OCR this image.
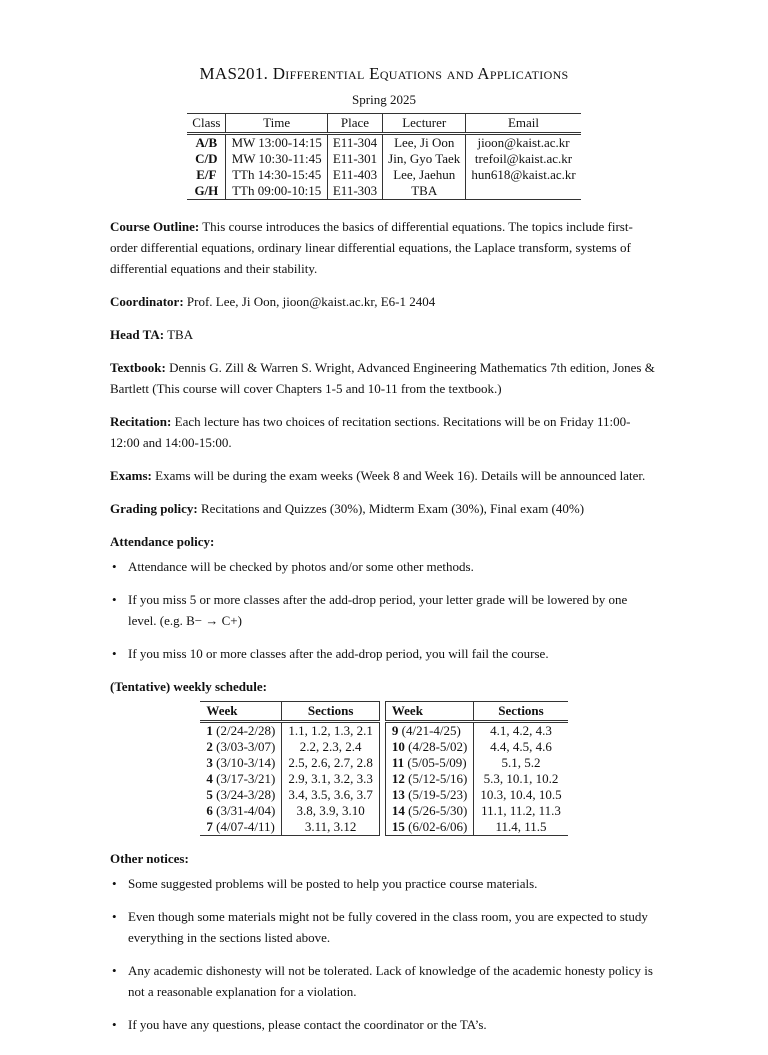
MAS201. Differential Equations and Applications
Spring 2025
Class	Time	Place	Lecturer	Email
A/B	MW 13:00-14:15	E11-304	Lee, Ji Oon	jioon@kaist.ac.kr
C/D	MW 10:30-11:45	E11-301	Jin, Gyo Taek	trefoil@kaist.ac.kr
E/F	TTh 14:30-15:45	E11-403	Lee, Jaehun	hun618@kaist.ac.kr
G/H	TTh 09:00-10:15	E11-303	TBA	

Course Outline: This course introduces the basics of differential equations. The topics include first-order differential equations, ordinary linear differential equations, the Laplace transform, systems of differential equations and their stability.

Coordinator: Prof. Lee, Ji Oon, jioon@kaist.ac.kr, E6-1 2404

Head TA: TBA

Textbook: Dennis G. Zill & Warren S. Wright, Advanced Engineering Mathematics 7th edition, Jones & Bartlett (This course will cover Chapters 1-5 and 10-11 from the textbook.)

Recitation: Each lecture has two choices of recitation sections. Recitations will be on Friday 11:00-12:00 and 14:00-15:00.

Exams: Exams will be during the exam weeks (Week 8 and Week 16). Details will be announced later.

Grading policy: Recitations and Quizzes (30%), Midterm Exam (30%), Final exam (40%)

Attendance policy:

• Attendance will be checked by photos and/or some other methods.
• If you miss 5 or more classes after the add-drop period, your letter grade will be lowered by one level. (e.g. B− → C+)
• If you miss 10 or more classes after the add-drop period, you will fail the course.

(Tentative) weekly schedule:

Week	Sections
1 (2/24-2/28)	1.1, 1.2, 1.3, 2.1
2 (3/03-3/07)	2.2, 2.3, 2.4
3 (3/10-3/14)	2.5, 2.6, 2.7, 2.8
4 (3/17-3/21)	2.9, 3.1, 3.2, 3.3
5 (3/24-3/28)	3.4, 3.5, 3.6, 3.7
6 (3/31-4/04)	3.8, 3.9, 3.10
7 (4/07-4/11)	3.11, 3.12
Week	Sections
9 (4/21-4/25)	4.1, 4.2, 4.3
10 (4/28-5/02)	4.4, 4.5, 4.6
11 (5/05-5/09)	5.1, 5.2
12 (5/12-5/16)	5.3, 10.1, 10.2
13 (5/19-5/23)	10.3, 10.4, 10.5
14 (5/26-5/30)	11.1, 11.2, 11.3
15 (6/02-6/06)	11.4, 11.5

Other notices:

• Some suggested problems will be posted to help you practice course materials.
• Even though some materials might not be fully covered in the class room, you are expected to study everything in the sections listed above.
• Any academic dishonesty will not be tolerated. Lack of knowledge of the academic honesty policy is not a reasonable explanation for a violation.
• If you have any questions, please contact the coordinator or the TA’s.
